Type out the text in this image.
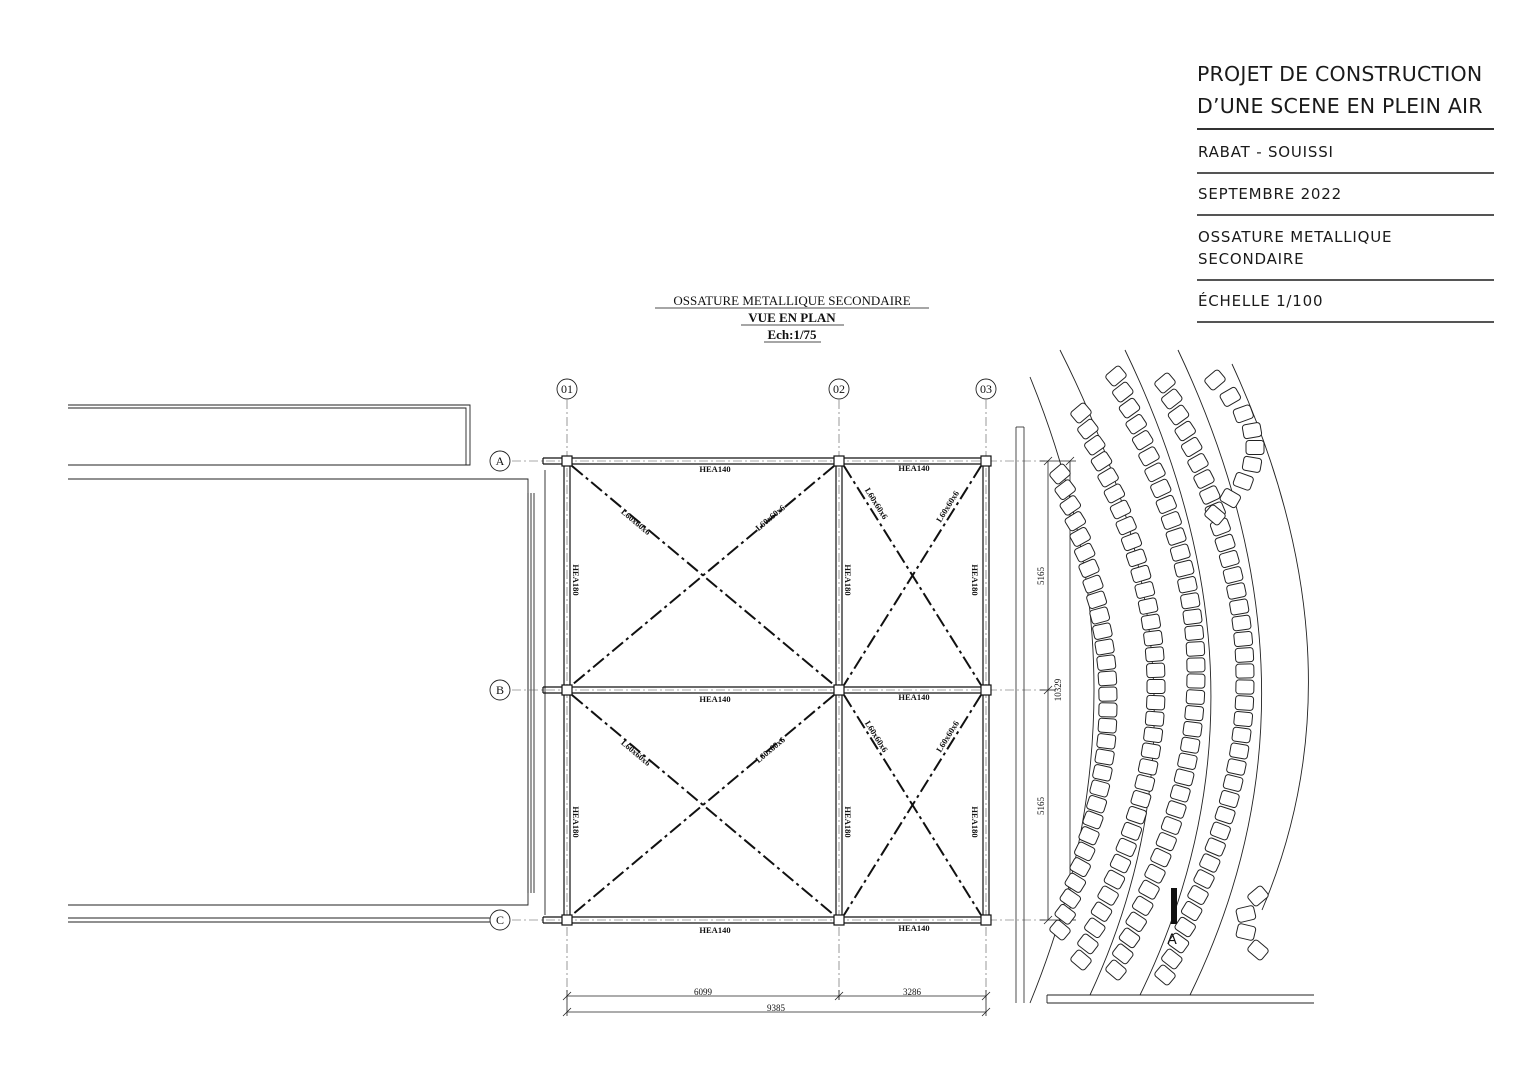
OSSATURE METALLIQUE SECONDAIRE
VUE EN PLAN
Ech:1/75
01	02	03
A
B
C
HEA140	HEA140
HEA140	HEA140
HEA140	HEA140
HEA180	HEA180	HEA180
HEA180	HEA180	HEA180
L60x60x6	L60x60x6	L60x60x6	L60x60x6
L60x60x6	L60x60x6	L60x60x6	L60x60x6
6099	3286
9385
5165
5165
10329
A
PROJET DE CONSTRUCTION
D’UNE SCENE EN PLEIN AIR
RABAT - SOUISSI
SEPTEMBRE 2022
OSSATURE METALLIQUE
SECONDAIRE
ÉCHELLE 1/100
